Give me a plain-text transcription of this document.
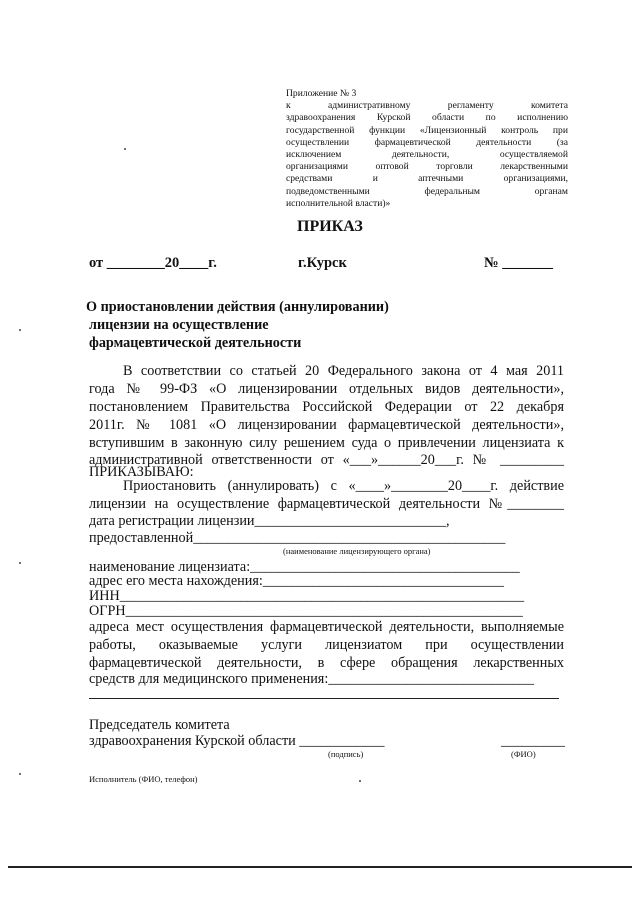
Приложение № 3
к административному регламенту комитета
здравоохранения Курской области по исполнению
государственной функции «Лицензионный контроль при
осуществлении фармацевтической деятельности (за
исключением деятельности, осуществляемой
организациями оптовой торговли лекарственными
средствами и аптечными организациями,
подведомственными федеральным органам
исполнительной власти)»
ПРИКАЗ
от ________20____г.	г.Курск	№ _______
О приостановлении действия (аннулировании)
лицензии на осуществление
фармацевтической деятельности
В соответствии со статьей 20 Федерального закона от 4 мая 2011
года № 99-ФЗ «О лицензировании отдельных видов деятельности»,
постановлением Правительства Российской Федерации от 22 декабря
2011г. № 1081 «О лицензировании фармацевтической деятельности»,
вступившим в законную силу решением суда о привлечении лицензиата к
административной ответственности от «___»______20___г. № _________
ПРИКАЗЫВАЮ:
Приостановить (аннулировать) с «____»________20____г. действие
лицензии на осуществление фармацевтической деятельности №________
дата регистрации лицензии___________________________,
предоставленной____________________________________________
(наименование лицензирующего органа)
наименование лицензиата:______________________________________
адрес его места нахождения:__________________________________
ИНН_________________________________________________________
ОГРН________________________________________________________
адреса мест осуществления фармацевтической деятельности, выполняемые
работы, оказываемые услуги лицензиатом при осуществлении
фармацевтической деятельности, в сфере обращения лекарственных
средств для медицинского применения:_____________________________
Председатель комитета
здравоохранения Курской области ____________	_________
(подпись)	(ФИО)
Исполнитель (ФИО, телефон)
